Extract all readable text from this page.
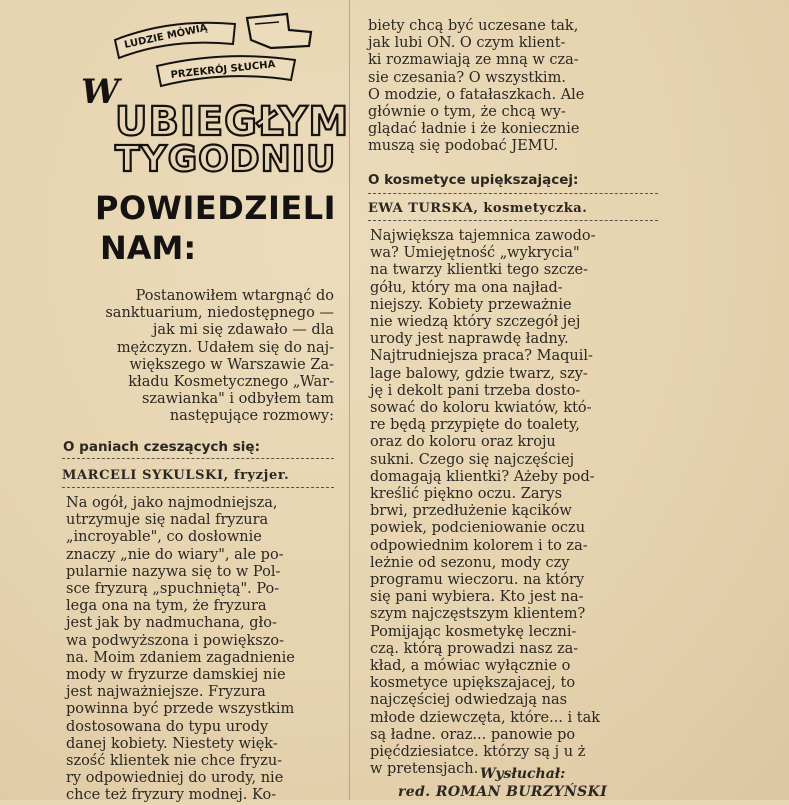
LUDZIE MÓWIĄ
PRZEKRÓJ SŁUCHA
W
UBIEGŁYM
TYGODNIU
POWIEDZIELI
NAM:
Postanowiłem wtargnąć do
sanktuarium, niedostępnego —
jak mi się zdawało — dla
mężczyzn. Udałem się do naj-
większego w Warszawie Za-
kładu Kosmetycznego „War-
szawianka" i odbyłem tam
następujące rozmowy:
O paniach czeszących się:
MARCELI SYKULSKI, fryzjer.
Na ogół, jako najmodniejsza,
utrzymuje się nadal fryzura
„incroyable", co dosłownie
znaczy „nie do wiary", ale po-
pularnie nazywa się to w Pol-
sce fryzurą „spuchniętą". Po-
lega ona na tym, że fryzura
jest jak by nadmuchana, gło-
wa podwyższona i powiększo-
na. Moim zdaniem zagadnienie
mody w fryzurze damskiej nie
jest najważniejsze. Fryzura
powinna być przede wszystkim
dostosowana do typu urody
danej kobiety. Niestety więk-
szość klientek nie chce fryzu-
ry odpowiedniej do urody, nie
chce też fryzury modnej. Ko-
biety chcą być uczesane tak,
jak lubi ON. O czym klient-
ki rozmawiają ze mną w cza-
sie czesania? O wszystkim.
O modzie, o fatałaszkach. Ale
głównie o tym, że chcą wy-
glądać ładnie i że koniecznie
muszą się podobać JEMU.
O kosmetyce upiększającej:
EWA TURSKA, kosmetyczka.
Największa tajemnica zawodo-
wa? Umiejętność „wykrycia"
na twarzy klientki tego szcze-
gółu, który ma ona najład-
niejszy. Kobiety przeważnie
nie wiedzą który szczegół jej
urody jest naprawdę ładny.
Najtrudniejsza praca? Maquil-
lage balowy, gdzie twarz, szy-
ję i dekolt pani trzeba dosto-
sować do koloru kwiatów, któ-
re będą przypięte do toalety,
oraz do koloru oraz kroju
sukni. Czego się najczęściej
domagają klientki? Ażeby pod-
kreślić piękno oczu. Zarys
brwi, przedłużenie kącików
powiek, podcieniowanie oczu
odpowiednim kolorem i to za-
leżnie od sezonu, mody czy
programu wieczoru. na który
się pani wybiera. Kto jest na-
szym najczęstszym klientem?
Pomijając kosmetykę leczni-
czą. którą prowadzi nasz za-
kład, a mówiac wyłącznie o
kosmetyce upiększajacej, to
najczęściej odwiedzają nas
młode dziewczęta, które... i tak
są ładne. oraz... panowie po
pięćdziesiatce. którzy są j u ż
w pretensjach. Wysłuchał:
red. ROMAN BURZYŃSKI
